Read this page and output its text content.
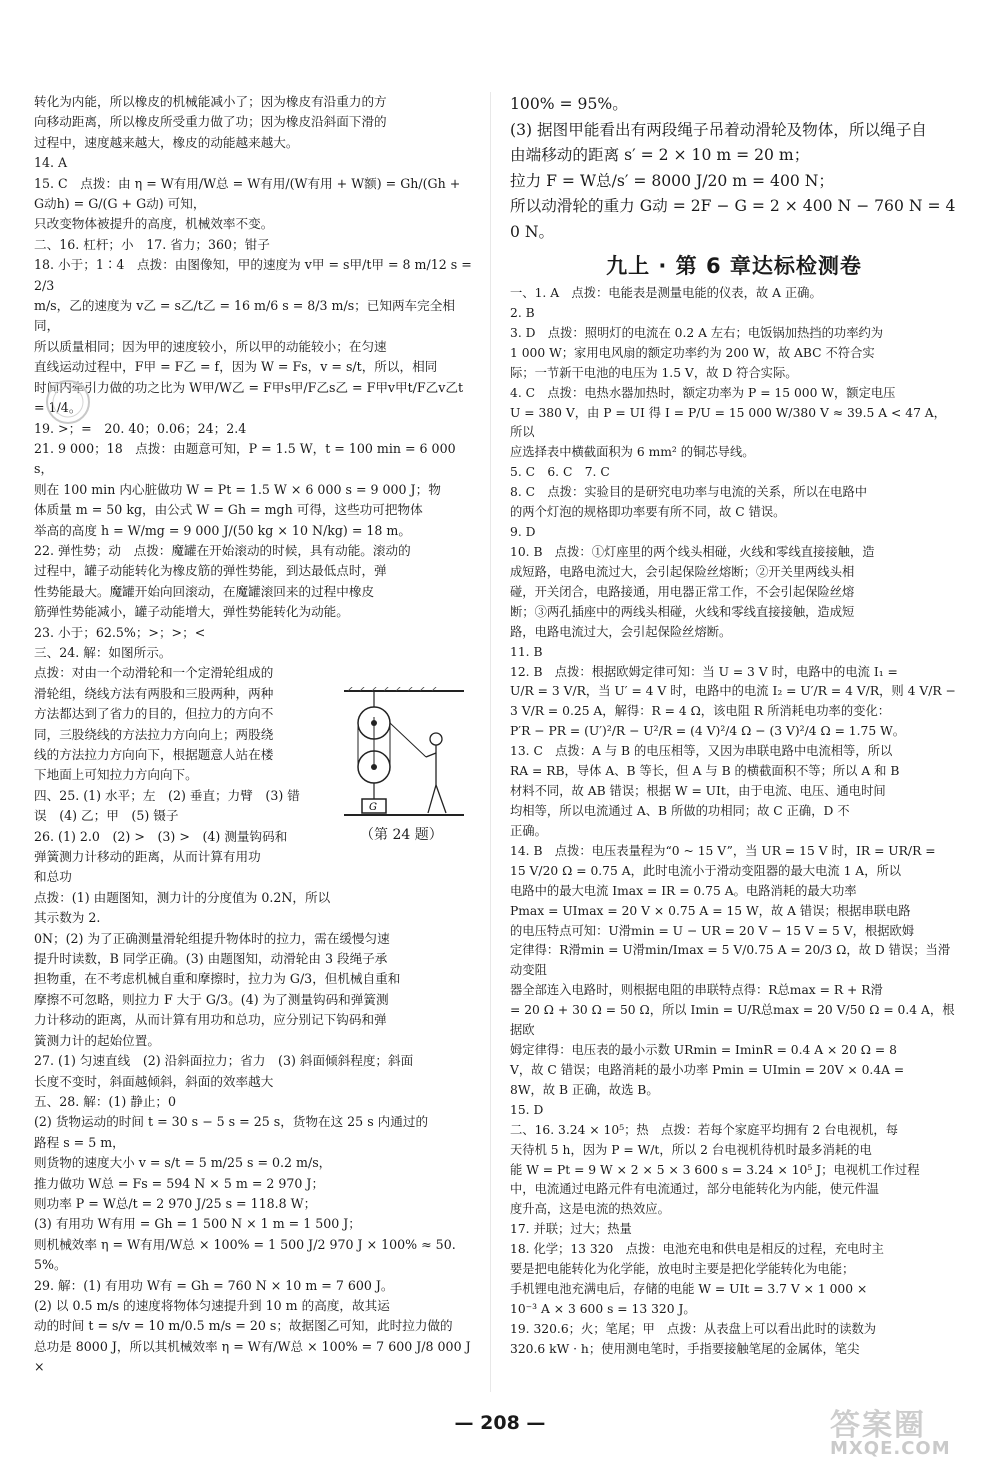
转化为内能，所以橡皮的机械能减小了；因为橡皮有沿重力的方

向移动距离，所以橡皮所受重力做了功；因为橡皮沿斜面下滑的

过程中，速度越来越大，橡皮的动能越来越大。

14. A

15. C　点拨：由 η = W有用/W总 = W有用/(W有用 + W额) = Gh/(Gh + G动h) = G/(G + G动) 可知，

只改变物体被提升的高度，机械效率不变。

二、16. 杠杆；小　17. 省力；360；钳子

18. 小于；1∶4　点拨：由图像知，甲的速度为 v甲 = s甲/t甲 = 8 m/12 s = 2/3

m/s，乙的速度为 v乙 = s乙/t乙 = 16 m/6 s = 8/3 m/s；已知两车完全相同，

所以质量相同；因为甲的速度较小，所以甲的动能较小；在匀速

直线运动过程中，F甲 = F乙 = f，因为 W = Fs，v = s/t，所以，相同

时间内牵引力做的功之比为 W甲/W乙 = F甲s甲/F乙s乙 = F甲v甲t/F乙v乙t = 1/4。

19. >；=　20. 40；0.06；24；2.4

21. 9 000；18　点拨：由题意可知，P = 1.5 W，t = 100 min = 6 000 s，

则在 100 min 内心脏做功 W = Pt = 1.5 W × 6 000 s = 9 000 J；物

体质量 m = 50 kg，由公式 W = Gh = mgh 可得，这些功可把物体

举高的高度 h = W/mg = 9 000 J/(50 kg × 10 N/kg) = 18 m。

22. 弹性势；动　点拨：魔罐在开始滚动的时候，具有动能。滚动的

过程中，罐子动能转化为橡皮筋的弹性势能，到达最低点时，弹

性势能最大。魔罐开始向回滚动，在魔罐滚回来的过程中橡皮

筋弹性势能减小，罐子动能增大，弹性势能转化为动能。

23. 小于；62.5%；>；>；<

三、24. 解：如图所示。

点拨：对由一个动滑轮和一个定滑轮组成的

滑轮组，绕线方法有两股和三股两种，两种

方法都达到了省力的目的，但拉力的方向不

同，三股绕线的方法拉力方向向上；两股绕

线的方法拉力方向向下，根据题意人站在楼

下地面上可知拉力方向向下。

四、25. (1) 水平；左　(2) 垂直；力臂　(3) 错

误　(4) 乙；甲　(5) 镊子

26. (1) 2.0　(2) >　(3) >　(4) 测量钩码和

弹簧测力计移动的距离，从而计算有用功

和总功

点拨：(1) 由题图知，测力计的分度值为 0.2N，所以其示数为 2.

0N；(2) 为了正确测量滑轮组提升物体时的拉力，需在缓慢匀速

提升时读数，B 同学正确。(3) 由题图知，动滑轮由 3 段绳子承

担物重，在不考虑机械自重和摩擦时，拉力为 G/3，但机械自重和

摩擦不可忽略，则拉力 F 大于 G/3。(4) 为了测量钩码和弹簧测

力计移动的距离，从而计算有用功和总功，应分别记下钩码和弹

簧测力计的起始位置。

27. (1) 匀速直线　(2) 沿斜面拉力；省力　(3) 斜面倾斜程度；斜面

长度不变时，斜面越倾斜，斜面的效率越大

五、28. 解：(1) 静止；0

(2) 货物运动的时间 t = 30 s − 5 s = 25 s，货物在这 25 s 内通过的

路程 s = 5 m，

则货物的速度大小 v = s/t = 5 m/25 s = 0.2 m/s，

推力做功 W总 = Fs = 594 N × 5 m = 2 970 J；

则功率 P = W总/t = 2 970 J/25 s = 118.8 W；

(3) 有用功 W有用 = Gh = 1 500 N × 1 m = 1 500 J；

则机械效率 η = W有用/W总 × 100% = 1 500 J/2 970 J × 100% ≈ 50.5%。

29. 解：(1) 有用功 W有 = Gh = 760 N × 10 m = 7 600 J。

(2) 以 0.5 m/s 的速度将物体匀速提升到 10 m 的高度，故其运

动的时间 t = s/v = 10 m/0.5 m/s = 20 s；故据图乙可知，此时拉力做的

总功是 8000 J，所以其机械效率 η = W有/W总 × 100% = 7 600 J/8 000 J ×

100% = 95%。

(3) 据图甲能看出有两段绳子吊着动滑轮及物体，所以绳子自

由端移动的距离 s′ = 2 × 10 m = 20 m；

拉力 F = W总/s′ = 8000 J/20 m = 400 N；

所以动滑轮的重力 G动 = 2F − G = 2 × 400 N − 760 N = 40 N。

九上 · 第 6 章达标检测卷

一、1. A　点拨：电能表是测量电能的仪表，故 A 正确。

2. B

3. D　点拨：照明灯的电流在 0.2 A 左右；电饭锅加热挡的功率约为

1 000 W；家用电风扇的额定功率约为 200 W，故 ABC 不符合实

际；一节新干电池的电压为 1.5 V，故 D 符合实际。

4. C　点拨：电热水器加热时，额定功率为 P = 15 000 W，额定电压

U = 380 V，由 P = UI 得 I = P/U = 15 000 W/380 V ≈ 39.5 A < 47 A，所以

应选择表中横截面积为 6 mm² 的铜芯导线。

5. C　6. C　7. C

8. C　点拨：实验目的是研究电功率与电流的关系，所以在电路中

的两个灯泡的规格即功率要有所不同，故 C 错误。

9. D

10. B　点拨：①灯座里的两个线头相碰，火线和零线直接接触，造

成短路，电路电流过大，会引起保险丝熔断；②开关里两线头相

碰，开关闭合，电路接通，用电器正常工作，不会引起保险丝熔

断；③两孔插座中的两线头相碰，火线和零线直接接触，造成短

路，电路电流过大，会引起保险丝熔断。

11. B

12. B　点拨：根据欧姆定律可知：当 U = 3 V 时，电路中的电流 I₁ =

U/R = 3 V/R，当 U′ = 4 V 时，电路中的电流 I₂ = U′/R = 4 V/R，则 4 V/R −

3 V/R = 0.25 A，解得：R = 4 Ω，该电阻 R 所消耗电功率的变化：

P′R − PR = (U′)²/R − U²/R = (4 V)²/4 Ω − (3 V)²/4 Ω = 1.75 W。

13. C　点拨：A 与 B 的电压相等，又因为串联电路中电流相等，所以

RA = RB，导体 A、B 等长，但 A 与 B 的横截面积不等；所以 A 和 B

材料不同，故 AB 错误；根据 W = UIt，由于电流、电压、通电时间

均相等，所以电流通过 A、B 所做的功相同；故 C 正确，D 不

正确。

14. B　点拨：电压表量程为“0 ~ 15 V”，当 UR = 15 V 时，IR = UR/R =

15 V/20 Ω = 0.75 A，此时电流小于滑动变阻器的最大电流 1 A，所以

电路中的最大电流 Imax = IR = 0.75 A。电路消耗的最大功率

Pmax = UImax = 20 V × 0.75 A = 15 W，故 A 错误；根据串联电路

的电压特点可知：U滑min = U − UR = 20 V − 15 V = 5 V，根据欧姆

定律得：R滑min = U滑min/Imax = 5 V/0.75 A = 20/3 Ω，故 D 错误；当滑动变阻

器全部连入电路时，则根据电阻的串联特点得：R总max = R + R滑

= 20 Ω + 30 Ω = 50 Ω，所以 Imin = U/R总max = 20 V/50 Ω = 0.4 A，根据欧

姆定律得：电压表的最小示数 URmin = IminR = 0.4 A × 20 Ω = 8

V，故 C 错误；电路消耗的最小功率 Pmin = UImin = 20V × 0.4A =

8W，故 B 正确，故选 B。

15. D

二、16. 3.24 × 10⁵；热　点拨：若每个家庭平均拥有 2 台电视机，每

天待机 5 h，因为 P = W/t，所以 2 台电视机待机时最多消耗的电

能 W = Pt = 9 W × 2 × 5 × 3 600 s = 3.24 × 10⁵ J；电视机工作过程

中，电流通过电路元件有电流通过，部分电能转化为内能，使元件温

度升高，这是电流的热效应。

17. 并联；过大；热量

18. 化学；13 320　点拨：电池充电和供电是相反的过程，充电时主

要是把电能转化为化学能，放电时主要是把化学能转化为电能；

手机锂电池充满电后，存储的电能 W = UIt = 3.7 V × 1 000 ×

10⁻³ A × 3 600 s = 13 320 J。

19. 320.6；火；笔尾；甲　点拨：从表盘上可以看出此时的读数为

320.6 kW · h；使用测电笔时，手指要接触笔尾的金属体，笔尖

G
（第 24 题）
— 208 —	答案圈
MXQE.COM
